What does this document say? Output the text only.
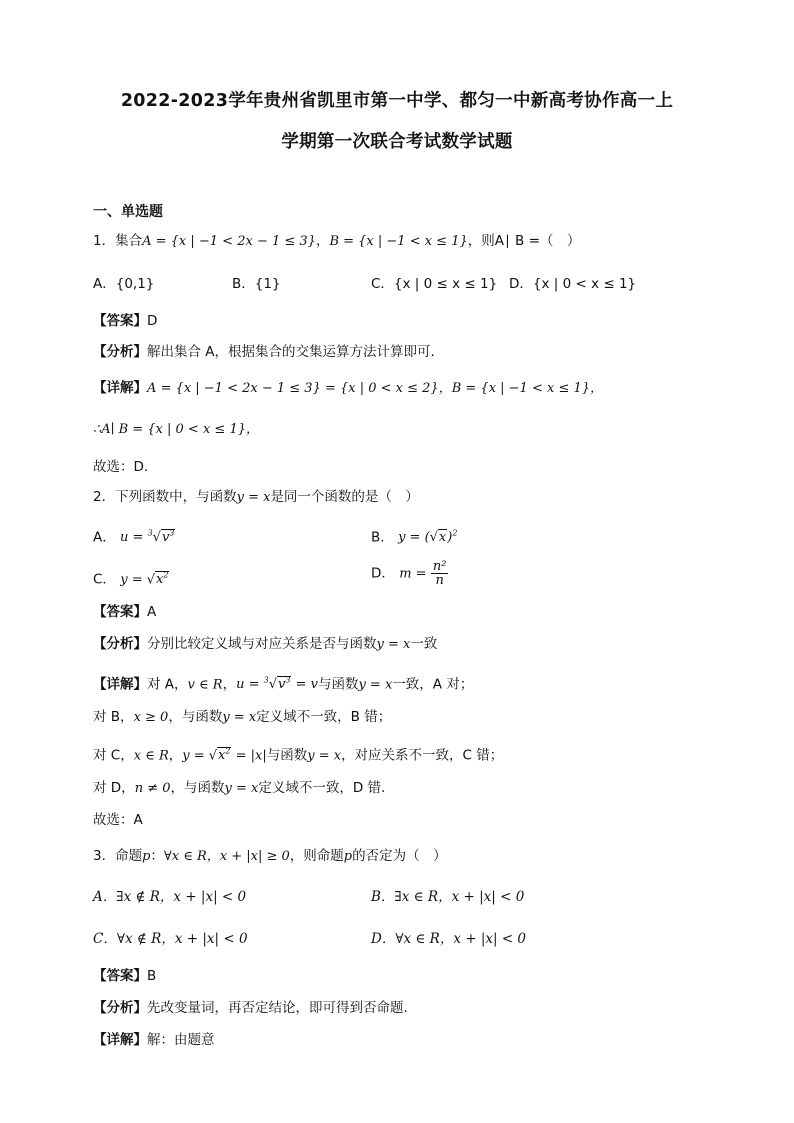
2022-2023学年贵州省凯里市第一中学、都匀一中新高考协作高一上
学期第一次联合考试数学试题
一、单选题
1．集合A = {x | −1 < 2x − 1 ≤ 3}，B = {x | −1 < x ≤ 1}，则A∣ B =（　）
A．{0,1}	B．{1}	C．{x | 0 ≤ x ≤ 1} D．{x | 0 < x ≤ 1}
【答案】D
【分析】解出集合 A，根据集合的交集运算方法计算即可.
【详解】A = {x | −1 < 2x − 1 ≤ 3} = {x | 0 < x ≤ 2}，B = {x | −1 < x ≤ 1}，
∴A∣ B = {x | 0 < x ≤ 1}，
故选：D.
2．下列函数中，与函数y = x是同一个函数的是（　）
A． $u = ^3√v^3$	B． $y = (√x)^2$
C． $y = √x^2$	D． $m = \frac{\text{n²}}{n}$
【答案】A
【分析】分别比较定义域与对应关系是否与函数y = x一致
【详解】对 A，v ∈ R，$u = ^3√v^3 = v$与函数y = x一致，A 对；
对 B，x ≥ 0，与函数y = x定义域不一致，B 错；
对 C，x ∈ R，$y = √x^2 = |x|$与函数y = x，对应关系不一致，C 错；
对 D，n ≠ 0，与函数y = x定义域不一致，D 错.
故选：A
3．命题p：∀x ∈ R，x + |x| ≥ 0，则命题p的否定为（　）
A．∃x ∉ R，x + |x| < 0	B．∃x ∈ R，x + |x| < 0
C．∀x ∉ R，x + |x| < 0	D．∀x ∈ R，x + |x| < 0
【答案】B
【分析】先改变量词，再否定结论，即可得到否命题.
【详解】解：由题意
